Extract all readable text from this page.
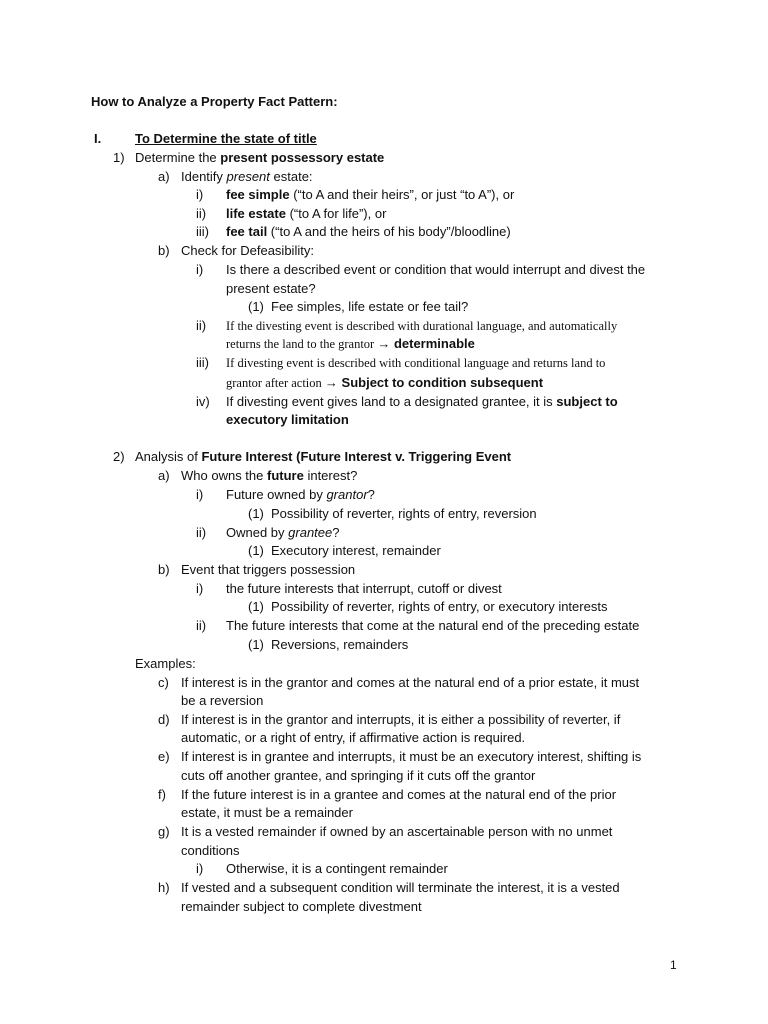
How to Analyze a Property Fact Pattern:
I.	To Determine the state of title
1) Determine the present possessory estate
a) Identify present estate:
i) fee simple (“to A and their heirs”, or just “to A”), or
ii) life estate (“to A for life”), or
iii) fee tail (“to A and the heirs of his body”/bloodline)
b) Check for Defeasibility:
i) Is there a described event or condition that would interrupt and divest the
present estate?
(1) Fee simples, life estate or fee tail?
ii) If the divesting event is described with durational language, and automatically
returns the land to the grantor → determinable
iii) If divesting event is described with conditional language and returns land to
grantor after action → Subject to condition subsequent
iv) If divesting event gives land to a designated grantee, it is subject to
executory limitation
2) Analysis of Future Interest (Future Interest v. Triggering Event
a) Who owns the future interest?
i) Future owned by grantor?
(1) Possibility of reverter, rights of entry, reversion
ii) Owned by grantee?
(1) Executory interest, remainder
b) Event that triggers possession
i) the future interests that interrupt, cutoff or divest
(1) Possibility of reverter, rights of entry, or executory interests
ii) The future interests that come at the natural end of the preceding estate
(1) Reversions, remainders
Examples:
c) If interest is in the grantor and comes at the natural end of a prior estate, it must
be a reversion
d) If interest is in the grantor and interrupts, it is either a possibility of reverter, if
automatic, or a right of entry, if affirmative action is required.
e) If interest is in grantee and interrupts, it must be an executory interest, shifting is
cuts off another grantee, and springing if it cuts off the grantor
f) If the future interest is in a grantee and comes at the natural end of the prior
estate, it must be a remainder
g) It is a vested remainder if owned by an ascertainable person with no unmet
conditions
i) Otherwise, it is a contingent remainder
h) If vested and a subsequent condition will terminate the interest, it is a vested
remainder subject to complete divestment
1
